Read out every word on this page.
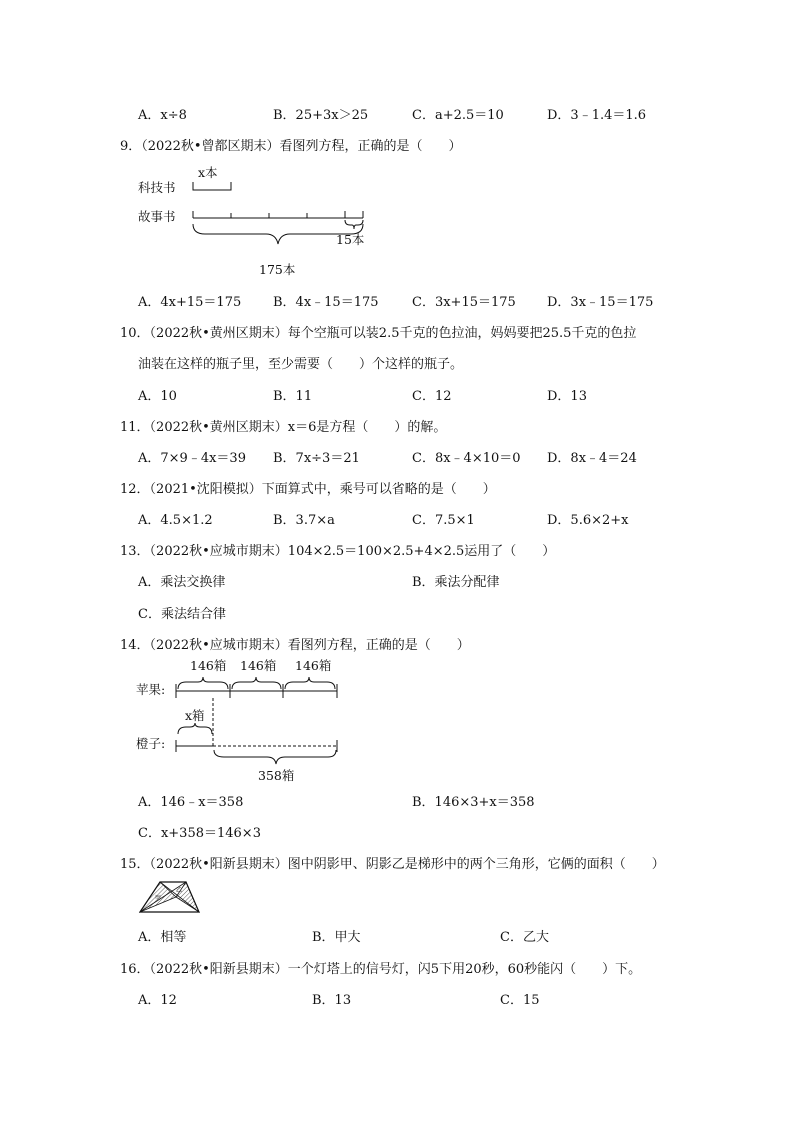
A．x÷8	B．25+3x＞25	C．a+2.5＝10	D．3﹣1.4＝1.6
9．（2022秋•曾都区期末）看图列方程，正确的是（　　）
x本
科技书
故事书
15本
175本
A．4x+15＝175 B．4x﹣15＝175	C．3x+15＝175 D．3x﹣15＝175
10．（2022秋•黄州区期末）每个空瓶可以装2.5千克的色拉油，妈妈要把25.5千克的色拉
油装在这样的瓶子里，至少需要（　　）个这样的瓶子。
A．10	B．11	C．12	D．13
11．（2022秋•黄州区期末）x＝6是方程（　　）的解。
A．7×9﹣4x＝39 B．7x÷3＝21	C．8x﹣4×10＝0 D．8x﹣4＝24
12．（2021•沈阳模拟）下面算式中，乘号可以省略的是（　　）
A．4.5×1.2	B．3.7×a	C．7.5×1	D．5.6×2+x
13．（2022秋•应城市期末）104×2.5＝100×2.5+4×2.5运用了（　　）
A．乘法交换律	B．乘法分配律
C．乘法结合律
14．（2022秋•应城市期末）看图列方程，正确的是（　　）
146箱 146箱 146箱
苹果:
橙子:
x箱
358箱
A．146﹣x＝358	B．146×3+x＝358
C．x+358＝146×3
15．（2022秋•阳新县期末）图中阴影甲、阴影乙是梯形中的两个三角形，它俩的面积（　　）
甲
乙
A．相等	B．甲大	C．乙大
16．（2022秋•阳新县期末）一个灯塔上的信号灯，闪5下用20秒，60秒能闪（　　）下。
A．12	B．13	C．15
